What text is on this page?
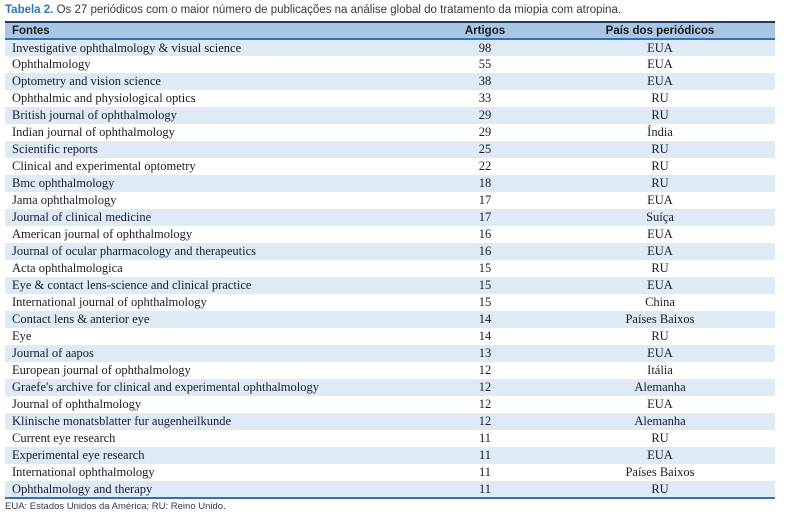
Tabela 2. Os 27 periódicos com o maior número de publicações na análise global do tratamento da miopia com atropina.
Fontes	Artigos	País dos periódicos
Investigative ophthalmology & visual science	98	EUA
Ophthalmology	55	EUA
Optometry and vision science	38	EUA
Ophthalmic and physiological optics	33	RU
British journal of ophthalmology	29	RU
Indian journal of ophthalmology	29	Índia
Scientific reports	25	RU
Clinical and experimental optometry	22	RU
Bmc ophthalmology	18	RU
Jama ophthalmology	17	EUA
Journal of clinical medicine	17	Suíça
American journal of ophthalmology	16	EUA
Journal of ocular pharmacology and therapeutics	16	EUA
Acta ophthalmologica	15	RU
Eye & contact lens-science and clinical practice	15	EUA
International journal of ophthalmology	15	China
Contact lens & anterior eye	14	Países Baixos
Eye	14	RU
Journal of aapos	13	EUA
European journal of ophthalmology	12	Itália
Graefe's archive for clinical and experimental ophthalmology	12	Alemanha
Journal of ophthalmology	12	EUA
Klinische monatsblatter fur augenheilkunde	12	Alemanha
Current eye research	11	RU
Experimental eye research	11	EUA
International ophthalmology	11	Países Baixos
Ophthalmology and therapy	11	RU
EUA: Estados Unidos da América; RU: Reino Unido.
